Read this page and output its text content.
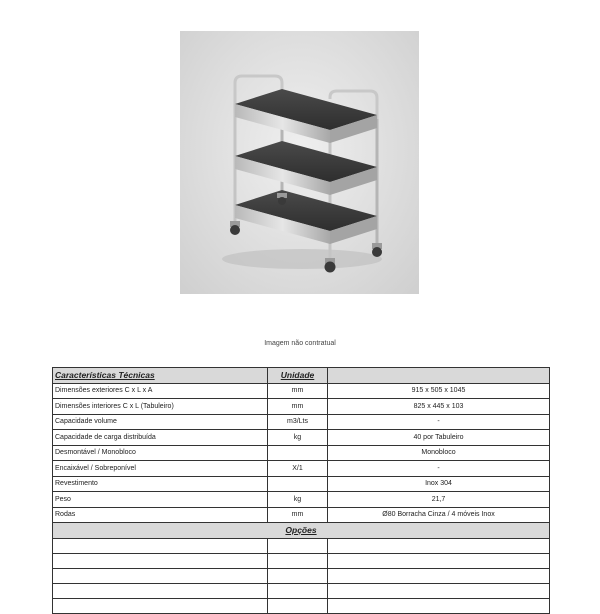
Imagem não contratual
Características Técnicas	Unidade	
Dimensões exteriores C x L x A	mm	915 x 505 x 1045
Dimensões interiores C x L (Tabuleiro)	mm	825 x 445 x 103
Capacidade volume	m3/Lts	-
Capacidade de carga distribuída	kg	40 por Tabuleiro
Desmontável / Monobloco		Monobloco
Encaixável / Sobreponível	X/1	-
Revestimento		Inox 304
Peso	kg	21,7
Rodas	mm	Ø80 Borracha Cinza / 4 móveis Inox
Opções		
